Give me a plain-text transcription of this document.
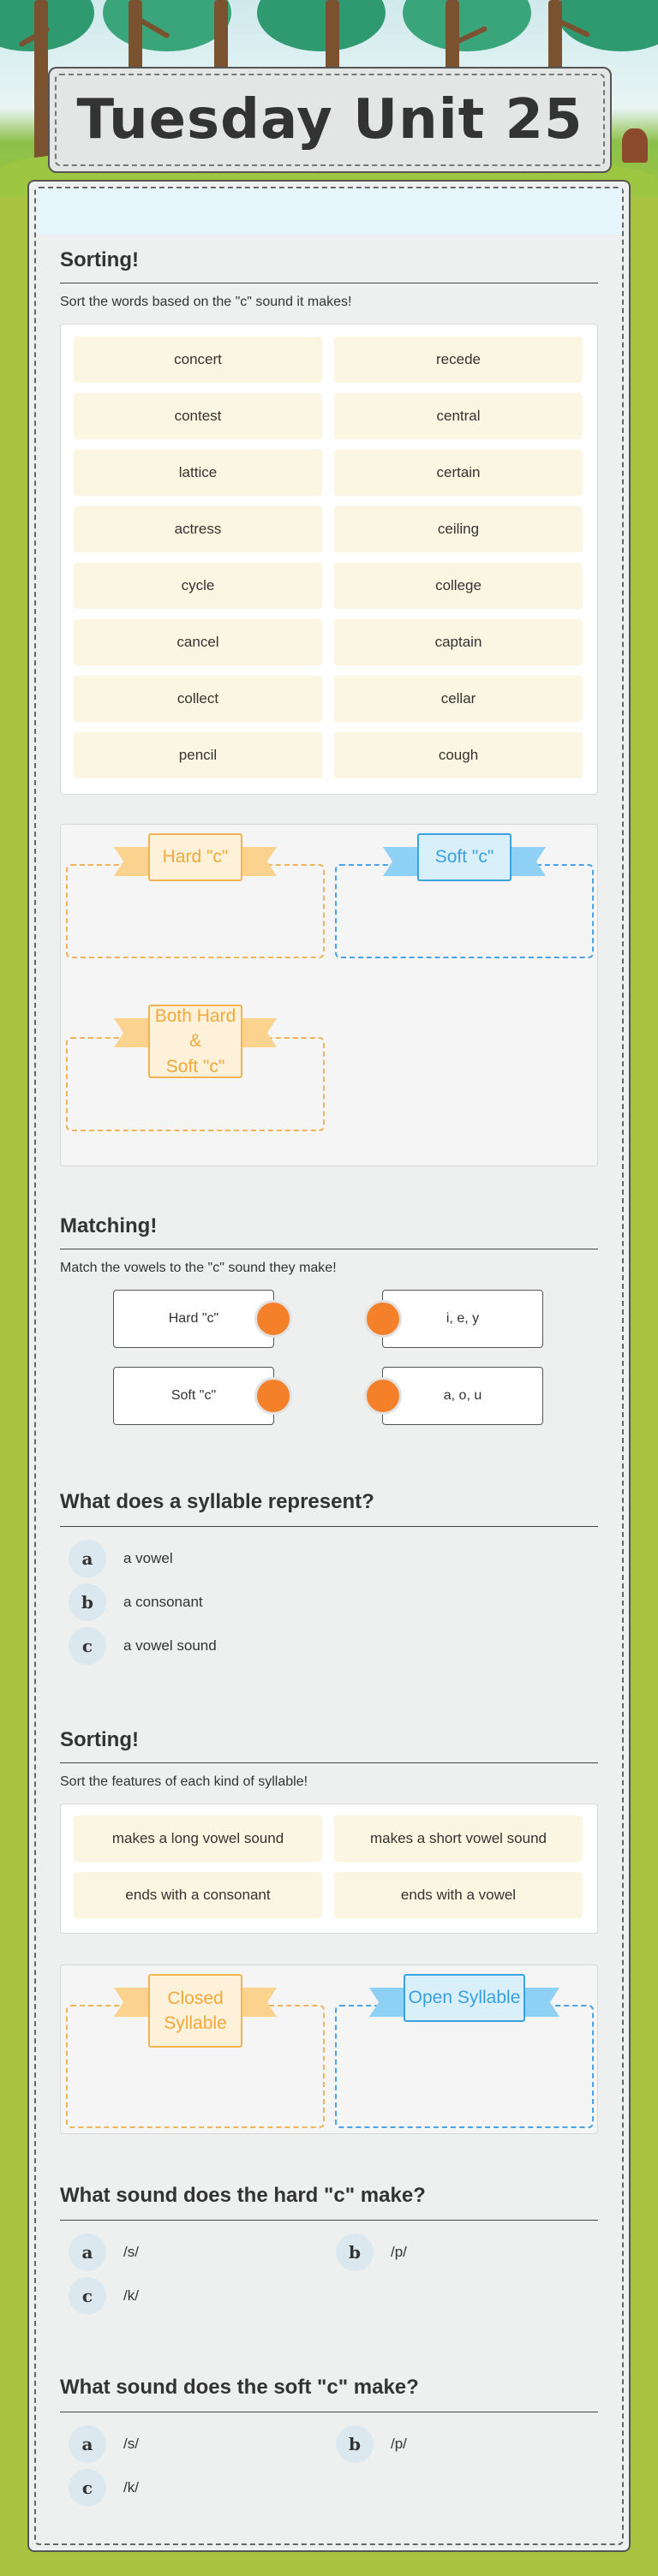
Tuesday Unit 25
Sorting!
Sort the words based on the "c" sound it makes!
concert	recede
contest	central
lattice	certain
actress	ceiling
cycle	college
cancel	captain
collect	cellar
pencil	cough
Hard "c"	Soft "c"
Both Hard &
Soft "c"
Matching!
Match the vowels to the "c" sound they make!
Hard "c"	i, e, y
Soft "c"	a, o, u
What does a syllable represent?
a	a vowel
b	a consonant
c	a vowel sound
Sorting!
Sort the features of each kind of syllable!
makes a long vowel sound	makes a short vowel sound
ends with a consonant	ends with a vowel
Closed
Syllable
Open Syllable
What sound does the hard "c" make?
a	/s/	b	/p/
c	/k/
What sound does the soft "c" make?
a	/s/	b	/p/
c	/k/
